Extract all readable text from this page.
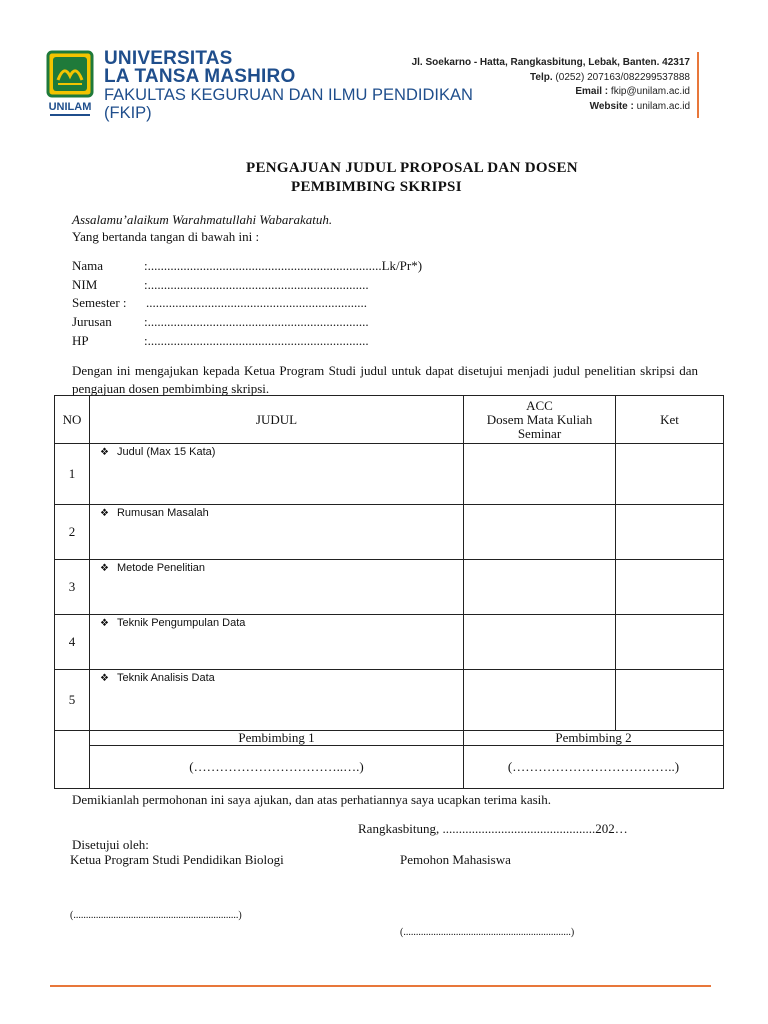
UNILAM
UNIVERSITAS
LA TANSA MASHIRO
FAKULTAS KEGURUAN DAN ILMU PENDIDIKAN
(FKIP)
Jl. Soekarno - Hatta, Rangkasbitung, Lebak, Banten. 42317
Telp. (0252) 207163/082299537888
Email : fkip@unilam.ac.id
Website : unilam.ac.id
PENGAJUAN JUDUL PROPOSAL DAN DOSEN
PEMBIMBING SKRIPSI
Assalamu’alaikum Warahmatullahi Wabarakatuh.
Yang bertanda tangan di bawah ini :
Nama	:........................................................................Lk/Pr*)
NIM	:....................................................................
Semester : ....................................................................
Jurusan :....................................................................
HP	:....................................................................
Dengan ini mengajukan kepada Ketua Program Studi judul untuk dapat disetujui menjadi judul penelitian skripsi dan pengajuan dosen pembimbing skripsi.
NO	JUDUL	ACC
Dosem Mata Kuliah
Seminar	Ket
1	❖ Judul (Max 15 Kata)		

2	❖ Rumusan Masalah		

3	❖ Metode Penelitian		

4	❖ Teknik Pengumpulan Data		

5	❖ Teknik Analisis Data		

	Pembimbing 1	Pembimbing 2	
	(……………………………..….)	(………………………………..)	
Demikianlah permohonan ini saya ajukan, dan atas perhatiannya saya ucapkan terima kasih.
Rangkasbitung, ...............................................202…
Disetujui oleh:
Ketua Program Studi Pendidikan Biologi	Pemohon Mahasiswa
(..................................................................)
(...................................................................)
